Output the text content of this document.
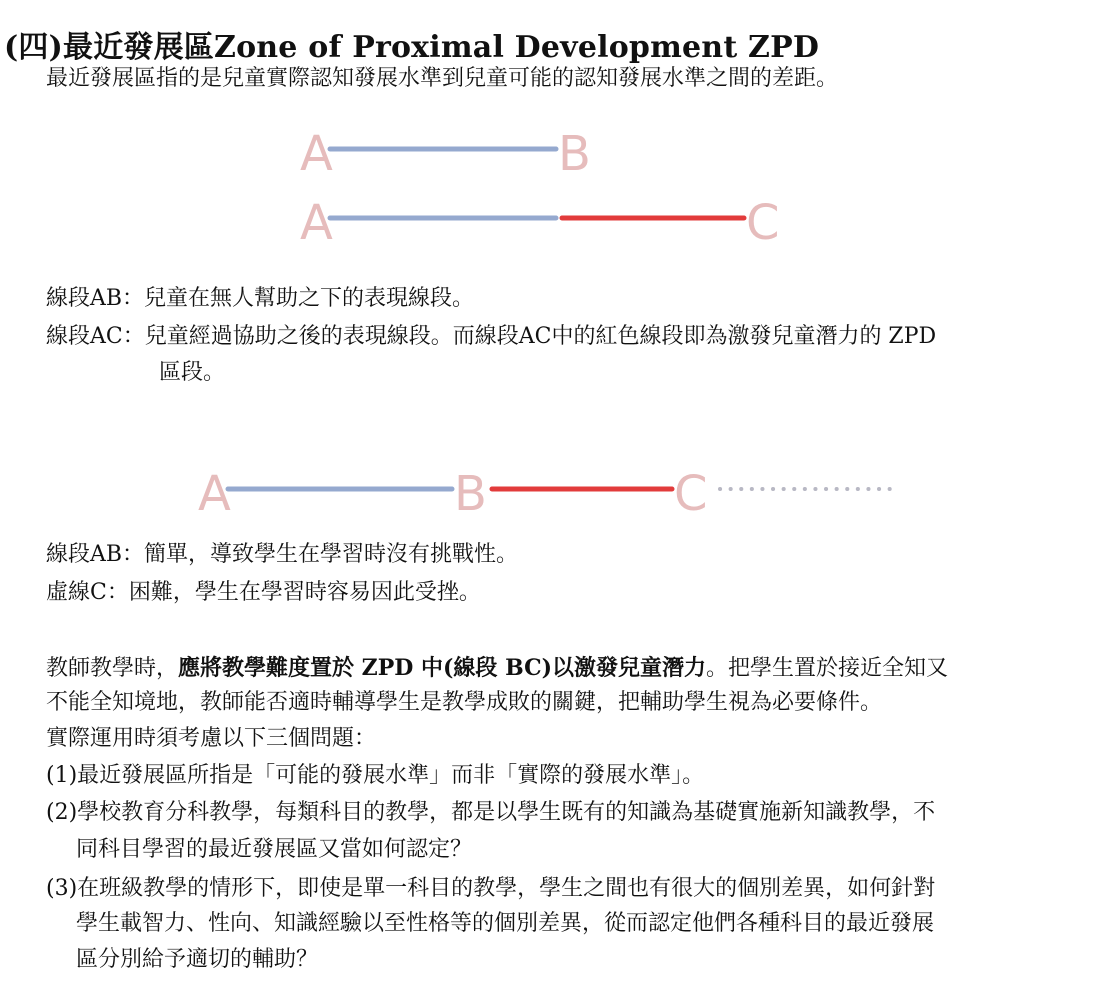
(四)最近發展區Zone of Proximal Development ZPD
最近發展區指的是兒童實際認知發展水準到兒童可能的認知發展水準之間的差距。
A	B
A	C
A	B	C
線段AB：兒童在無人幫助之下的表現線段。
線段AC：兒童經過協助之後的表現線段。而線段AC中的紅色線段即為激發兒童潛力的 ZPD
區段。
線段AB：簡單，導致學生在學習時沒有挑戰性。
虛線C：困難，學生在學習時容易因此受挫。
教師教學時，應將教學難度置於 ZPD 中(線段 BC)以激發兒童潛力。把學生置於接近全知又
不能全知境地，教師能否適時輔導學生是教學成敗的關鍵，把輔助學生視為必要條件。
實際運用時須考慮以下三個問題：
(1)最近發展區所指是「可能的發展水準」而非「實際的發展水準」。
(2)學校教育分科教學，每類科目的教學，都是以學生既有的知識為基礎實施新知識教學，不
同科目學習的最近發展區又當如何認定？
(3)在班級教學的情形下，即使是單一科目的教學，學生之間也有很大的個別差異，如何針對
學生載智力、性向、知識經驗以至性格等的個別差異，從而認定他們各種科目的最近發展
區分別給予適切的輔助？
